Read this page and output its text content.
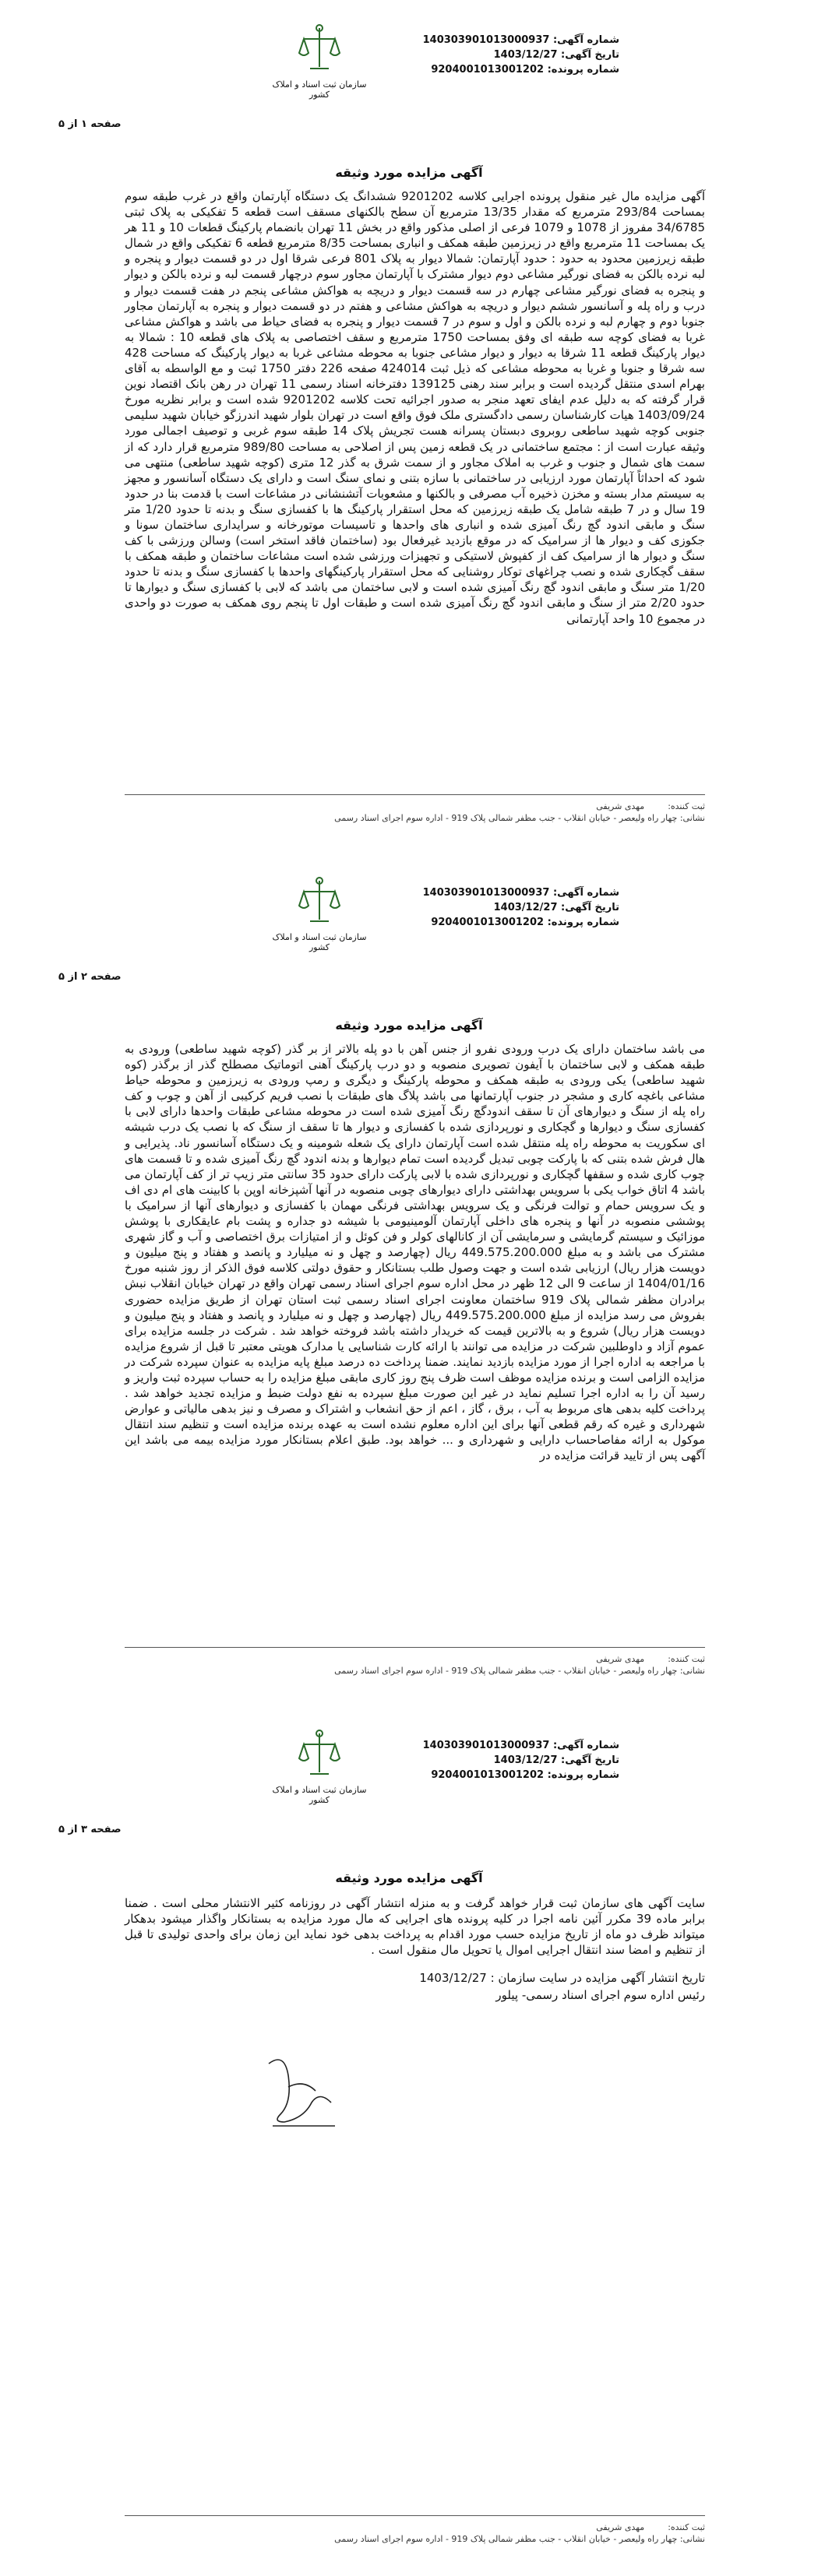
شماره آگهی: 140303901013000937
تاریخ آگهی: 1403/12/27
شماره پرونده: 9204001013001202
سازمان ثبت اسناد و املاک کشور
صفحه ۱ از ۵
آگهی مزایده مورد وثیقه
آگهی مزایده مال غیر منقول پرونده اجرایی کلاسه 9201202 ششدانگ یک دستگاه آپارتمان واقع در غرب طبقه سوم بمساحت 293/84 مترمربع که مقدار 13/35 مترمربع آن سطح بالکنهای مسقف است قطعه 5 تفکیکی به پلاک ثبتی 34/6785 مفروز از 1078 و 1079 فرعی از اصلی مذکور واقع در بخش 11 تهران بانضمام پارکینگ قطعات 10 و 11 هر یک بمساحت 11 مترمربع واقع در زیرزمین طبقه همکف و انباری بمساحت 8/35 مترمربع قطعه 6 تفکیکی واقع در شمال طبقه زیرزمین محدود به حدود : حدود آپارتمان: شمالا دیوار به پلاک 801 فرعی شرقا اول در دو قسمت دیوار و پنجره و لبه نرده بالکن به فضای نورگیر مشاعی دوم دیوار مشترک با آپارتمان مجاور سوم درچهار قسمت لبه و نرده بالکن و دیوار و پنجره به فضای نورگیر مشاعی چهارم در سه قسمت دیوار و دریچه به هواکش مشاعی پنجم در هفت قسمت دیوار و درب و راه پله و آسانسور ششم دیوار و دریچه به هواکش مشاعی و هفتم در دو قسمت دیوار و پنجره به آپارتمان مجاور جنوبا دوم و چهارم لبه و نرده بالکن و اول و سوم در 7 قسمت دیوار و پنجره به فضای حیاط می باشد و هواکش مشاعی غربا به فضای کوچه سه طبقه ای وفق بمساحت 1750 مترمربع و سقف اختصاصی به پلاک های قطعه 10 : شمالا به دیوار پارکینگ قطعه 11 شرقا به دیوار و دیوار مشاعی جنوبا به محوطه مشاعی غربا به دیوار پارکینگ که مساحت 428 سه شرقا و جنوبا و غربا به محوطه مشاعی که ذیل ثبت 424014 صفحه 226 دفتر 1750 ثبت و مع الواسطه به آقای بهرام اسدی منتقل گردیده است و برابر سند رهنی 139125 دفترخانه اسناد رسمی 11 تهران در رهن بانک اقتصاد نوین قرار گرفته که به دلیل عدم ایفای تعهد منجر به صدور اجرائیه تحت کلاسه 9201202 شده است و برابر نظریه مورخ 1403/09/24 هیات کارشناسان رسمی دادگستری ملک فوق واقع است در تهران بلوار شهید اندرزگو خیابان شهید سلیمی جنوبی کوچه شهید ساطعی روبروی دبستان پسرانه هست تجریش پلاک 14 طبقه سوم غربی و توصیف اجمالی مورد وثیقه عبارت است از : مجتمع ساختمانی در یک قطعه زمین پس از اصلاحی به مساحت 989/80 مترمربع قرار دارد که از سمت های شمال و جنوب و غرب به املاک مجاور و از سمت شرق به گذر 12 متری (کوچه شهید ساطعی) منتهی می شود که احداثاً آپارتمان مورد ارزیابی در ساختمانی با سازه بتنی و نمای سنگ است و دارای یک دستگاه آسانسور و مجهز به سیستم مدار بسته و مخزن ذخیره آب مصرفی و بالکنها و مشعوبات آتشنشانی در مشاعات است با قدمت بنا در حدود 19 سال و در 7 طبقه شامل یک طبقه زیرزمین که محل استقرار پارکینگ ها با کفسازی سنگ و بدنه تا حدود 1/20 متر سنگ و مابقی اندود گچ رنگ آمیزی شده و انباری های واحدها و تاسیسات موتورخانه و سرایداری ساختمان سونا و جکوزی کف و دیوار ها از سرامیک که در موقع بازدید غیرفعال بود (ساختمان فاقد استخر است) وسالن ورزشی با کف سنگ و دیوار ها از سرامیک کف از کفپوش لاستیکی و تجهیزات ورزشی شده است مشاعات ساختمان و طبقه همکف با سقف گچکاری شده و نصب چراغهای توکار روشنایی که محل استقرار پارکینگهای واحدها با کفسازی سنگ و بدنه تا حدود 1/20 متر سنگ و مابقی اندود گچ رنگ آمیزی شده است و لابی ساختمان می باشد که لابی با کفسازی سنگ و دیوارها تا حدود 2/20 متر از سنگ و مابقی اندود گچ رنگ آمیزی شده است و طبقات اول تا پنجم روی همکف به صورت دو واحدی در مجموع 10 واحد آپارتمانی
ثبت کننده:
مهدی شریفی
نشانی: چهار راه ولیعصر - خیابان انقلاب - جنب مظفر شمالی پلاک 919 - اداره سوم اجرای اسناد رسمی
شماره آگهی: 140303901013000937
تاریخ آگهی: 1403/12/27
شماره پرونده: 9204001013001202
سازمان ثبت اسناد و املاک کشور
صفحه ۲ از ۵
آگهی مزایده مورد وثیقه
می باشد ساختمان دارای یک درب ورودی نفرو از جنس آهن با دو پله بالاتر از بر گذر (کوچه شهید ساطعی) ورودی به طبقه همکف و لابی ساختمان با آیفون تصویری منصوبه و دو درب پارکینگ آهنی اتوماتیک مصطلح گذر از برگذر (کوه شهید ساطعی) یکی ورودی به طبقه همکف و محوطه پارکینگ و دیگری و رمپ ورودی به زیرزمین و محوطه حیاط مشاعی باغچه کاری و مشجر در جنوب آپارتمانها می باشد پلاگ های طبقات با نصب فریم کرکیبی از آهن و چوب و کف راه پله از سنگ و دیوارهای آن تا سقف اندودگچ رنگ آمیزی شده است در محوطه مشاعی طبقات واحدها دارای لابی با کفسازی سنگ و دیوارها و گچکاری و نورپردازی شده با کفسازی و دیوار ها تا سقف از سنگ که با نصب یک درب شیشه ای سکوریت به محوطه راه پله منتقل شده است آپارتمان دارای یک شعله شومینه و یک دستگاه آسانسور ناد. پذیرایی و هال فرش شده بتنی که با پارکت چوبی تبدیل گردیده است تمام دیوارها و بدنه اندود گچ رنگ آمیزی شده و تا قسمت های چوب کاری شده و سقفها گچکاری و نورپردازی شده با لابی پارکت دارای حدود 35 سانتی متر زیپ تر از کف آپارتمان می باشد 4 اتاق خواب یکی با سرویس بهداشتی دارای دیوارهای چوبی منصوبه در آنها آشپزخانه اوپن با کابینت های ام دی اف و یک سرویس حمام و توالت فرنگی و یک سرویس بهداشتی فرنگی مهمان با کفسازی و دیوارهای آنها از سرامیک با پوششی منصوبه در آنها و پنجره های داخلی آپارتمان آلومینیومی با شیشه دو جداره و پشت بام عایقکاری با پوشش موزائیک و سیستم گرمایشی و سرمایشی آن از کانالهای کولر و فن کوئل و از امتیازات برق اختصاصی و آب و گاز شهری مشترک می باشد و به مبلغ 449.575.200.000 ریال (چهارصد و چهل و نه میلیارد و پانصد و هفتاد و پنج میلیون و دویست هزار ریال) ارزیابی شده است و جهت وصول طلب بستانکار و حقوق دولتی کلاسه فوق الذکر از روز شنبه مورخ 1404/01/16 از ساعت 9 الی 12 ظهر در محل اداره سوم اجرای اسناد رسمی تهران واقع در تهران خیابان انقلاب نبش برادران مظفر شمالی پلاک 919 ساختمان معاونت اجرای اسناد رسمی ثبت استان تهران از طریق مزایده حضوری بفروش می رسد مزایده از مبلغ 449.575.200.000 ریال (چهارصد و چهل و نه میلیارد و پانصد و هفتاد و پنج میلیون و دویست هزار ریال) شروع و به بالاترین قیمت که خریدار داشته باشد فروخته خواهد شد . شرکت در جلسه مزایده برای عموم آزاد و داوطلبین شرکت در مزایده می توانند با ارائه کارت شناسایی یا مدارک هویتی معتبر تا قبل از شروع مزایده با مراجعه به اداره اجرا از مورد مزایده بازدید نمایند. ضمنا پرداخت ده درصد مبلغ پایه مزایده به عنوان سپرده شرکت در مزایده الزامی است و برنده مزایده موظف است ظرف پنج روز کاری مابقی مبلغ مزایده را به حساب سپرده ثبت واریز و رسید آن را به اداره اجرا تسلیم نماید در غیر این صورت مبلغ سپرده به نفع دولت ضبط و مزایده تجدید خواهد شد . پرداخت کلیه بدهی های مربوط به آب ، برق ، گاز ، اعم از حق انشعاب و اشتراک و مصرف و نیز بدهی مالیاتی و عوارض شهرداری و غیره که رقم قطعی آنها برای این اداره معلوم نشده است به عهده برنده مزایده است و تنظیم سند انتقال موکول به ارائه مفاصاحساب دارایی و شهرداری و ... خواهد بود. طبق اعلام بستانکار مورد مزایده بیمه می باشد این آگهی پس از تایید قرائت مزایده در
ثبت کننده:
مهدی شریفی
نشانی: چهار راه ولیعصر - خیابان انقلاب - جنب مظفر شمالی پلاک 919 - اداره سوم اجرای اسناد رسمی
شماره آگهی: 140303901013000937
تاریخ آگهی: 1403/12/27
شماره پرونده: 9204001013001202
سازمان ثبت اسناد و املاک کشور
صفحه ۳ از ۵
آگهی مزایده مورد وثیقه
سایت آگهی های سازمان ثبت قرار خواهد گرفت و به منزله انتشار آگهی در روزنامه کثیر الانتشار محلی است . ضمنا برابر ماده 39 مکرر آئین نامه اجرا در کلیه پرونده های اجرایی که مال مورد مزایده به بستانکار واگذار میشود بدهکار میتواند ظرف دو ماه از تاریخ مزایده حسب مورد اقدام به پرداخت بدهی خود نماید این زمان برای واحدی تولیدی تا قبل از تنظیم و امضا سند انتقال اجرایی اموال یا تحویل مال منقول است .
تاریخ انتشار آگهی مزایده در سایت سازمان : 1403/12/27
رئیس اداره سوم اجرای اسناد رسمی- پیلور
ثبت کننده:
مهدی شریفی
نشانی: چهار راه ولیعصر - خیابان انقلاب - جنب مظفر شمالی پلاک 919 - اداره سوم اجرای اسناد رسمی
